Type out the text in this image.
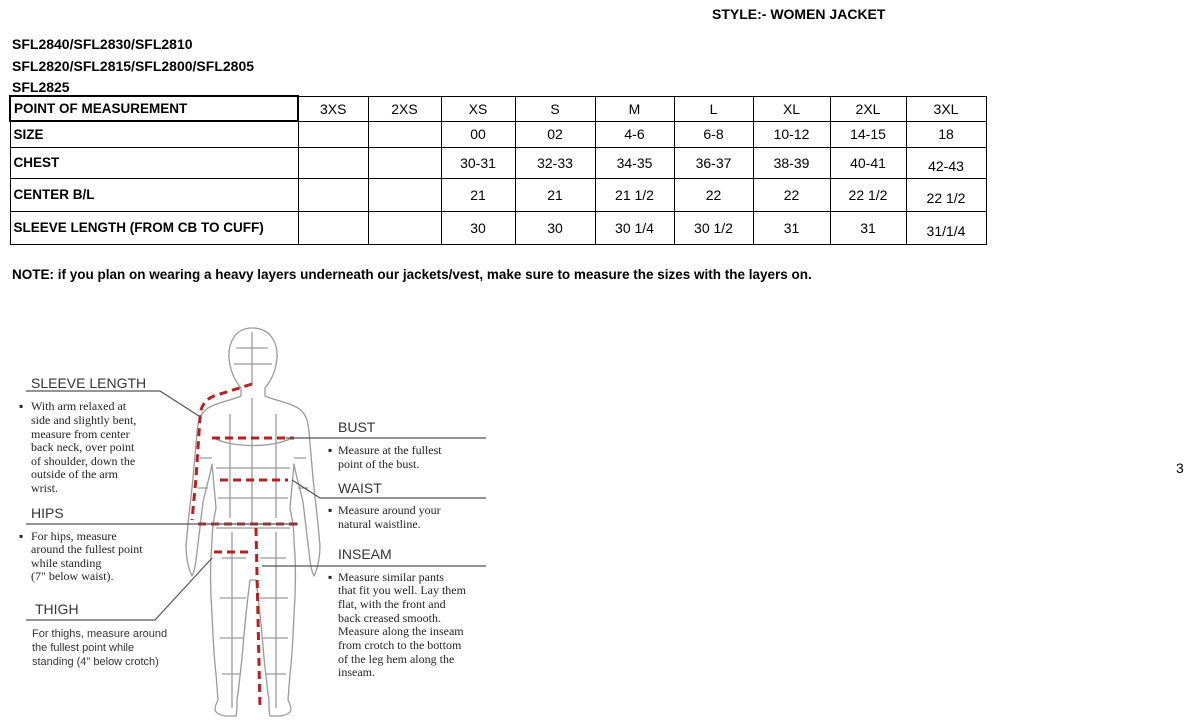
STYLE:- WOMEN JACKET
SFL2840/SFL2830/SFL2810
SFL2820/SFL2815/SFL2800/SFL2805
SFL2825
POINT OF MEASUREMENT	3XS	2XS	XS	S	M	L	XL	2XL	3XL
SIZE			00	02	4-6	6-8	10-12	14-15	18
CHEST			30-31	32-33	34-35	36-37	38-39	40-41	42-43
CENTER B/L			21	21	21 1/2	22	22	22 1/2	22 1/2
SLEEVE LENGTH (FROM CB TO CUFF)			30	30	30 1/4	30 1/2	31	31	31/1/4
NOTE: if you plan on wearing a heavy layers underneath our jackets/vest, make sure to measure the sizes with the layers on.
3
SLEEVE LENGTH
▪ With arm relaxed at
side and slightly bent,
measure from center
back neck, over point
of shoulder, down the
outside of the arm
wrist.
HIPS
▪ For hips, measure
around the fullest point
while standing
(7" below waist).
THIGH
For thighs, measure around
the fullest point while
standing (4" below crotch)
BUST
▪ Measure at the fullest
point of the bust.
WAIST
▪ Measure around your
natural waistline.
INSEAM
▪ Measure similar pants
that fit you well. Lay them
flat, with the front and
back creased smooth.
Measure along the inseam
from crotch to the bottom
of the leg hem along the
inseam.
